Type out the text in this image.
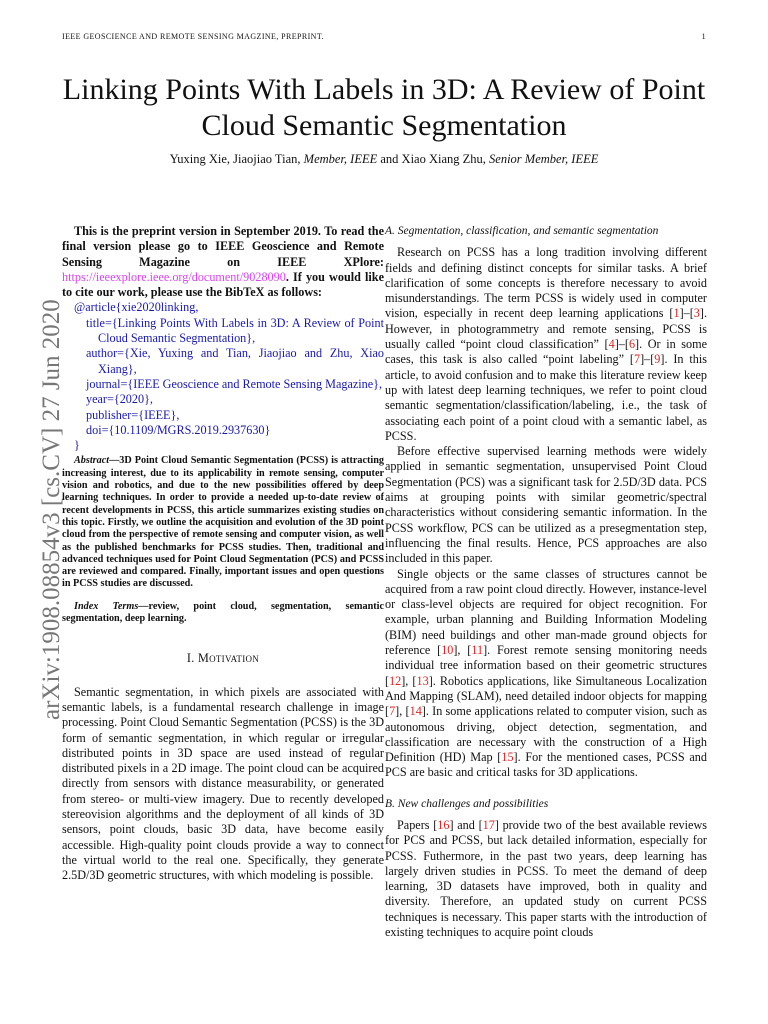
IEEE GEOSCIENCE AND REMOTE SENSING MAGZINE, PREPRINT.	1
arXiv:1908.08854v3 [cs.CV] 27 Jun 2020
Linking Points With Labels in 3D: A Review of Point Cloud Semantic Segmentation
Yuxing Xie, Jiaojiao Tian, Member, IEEE and Xiao Xiang Zhu, Senior Member, IEEE

This is the preprint version in September 2019. To read the final version please go to IEEE Geoscience and Remote Sensing Magazine on IEEE XPlore: https://ieeexplore.ieee.org/document/9028090. If you would like to cite our work, please use the BibTeX as follows:

@article{xie2020linking,
title={Linking Points With Labels in 3D: A Review of Point Cloud Semantic Segmentation},
author={Xie, Yuxing and Tian, Jiaojiao and Zhu, Xiao Xiang},
journal={IEEE Geoscience and Remote Sensing Magazine},
year={2020},
publisher={IEEE},
doi={10.1109/MGRS.2019.2937630}
}

Abstract—3D Point Cloud Semantic Segmentation (PCSS) is attracting increasing interest, due to its applicability in remote sensing, computer vision and robotics, and due to the new possibilities offered by deep learning techniques. In order to provide a needed up-to-date review of recent developments in PCSS, this article summarizes existing studies on this topic. Firstly, we outline the acquisition and evolution of the 3D point cloud from the perspective of remote sensing and computer vision, as well as the published benchmarks for PCSS studies. Then, traditional and advanced techniques used for Point Cloud Segmentation (PCS) and PCSS are reviewed and compared. Finally, important issues and open questions in PCSS studies are discussed.

Index Terms—review, point cloud, segmentation, semantic segmentation, deep learning.

I. Motivation

Semantic segmentation, in which pixels are associated with semantic labels, is a fundamental research challenge in image processing. Point Cloud Semantic Segmentation (PCSS) is the 3D form of semantic segmentation, in which regular or irregular distributed points in 3D space are used instead of regular distributed pixels in a 2D image. The point cloud can be acquired directly from sensors with distance measurability, or generated from stereo- or multi-view imagery. Due to recently developed stereovision algorithms and the deployment of all kinds of 3D sensors, point clouds, basic 3D data, have become easily accessible. High-quality point clouds provide a way to connect the virtual world to the real one. Specifically, they generate 2.5D/3D geometric structures, with which modeling is possible.

A. Segmentation, classification, and semantic segmentation

Research on PCSS has a long tradition involving different fields and defining distinct concepts for similar tasks. A brief clarification of some concepts is therefore necessary to avoid misunderstandings. The term PCSS is widely used in computer vision, especially in recent deep learning applications [1]–[3]. However, in photogrammetry and remote sensing, PCSS is usually called “point cloud classification” [4]–[6]. Or in some cases, this task is also called “point labeling” [7]–[9]. In this article, to avoid confusion and to make this literature review keep up with latest deep learning techniques, we refer to point cloud semantic segmentation/classification/labeling, i.e., the task of associating each point of a point cloud with a semantic label, as PCSS.

Before effective supervised learning methods were widely applied in semantic segmentation, unsupervised Point Cloud Segmentation (PCS) was a significant task for 2.5D/3D data. PCS aims at grouping points with similar geometric/spectral characteristics without considering semantic information. In the PCSS workflow, PCS can be utilized as a presegmentation step, influencing the final results. Hence, PCS approaches are also included in this paper.

Single objects or the same classes of structures cannot be acquired from a raw point cloud directly. However, instance-level or class-level objects are required for object recognition. For example, urban planning and Building Information Modeling (BIM) need buildings and other man-made ground objects for reference [10], [11]. Forest remote sensing monitoring needs individual tree information based on their geometric structures [12], [13]. Robotics applications, like Simultaneous Localization And Mapping (SLAM), need detailed indoor objects for mapping [7], [14]. In some applications related to computer vision, such as autonomous driving, object detection, segmentation, and classification are necessary with the construction of a High Definition (HD) Map [15]. For the mentioned cases, PCSS and PCS are basic and critical tasks for 3D applications.

B. New challenges and possibilities

Papers [16] and [17] provide two of the best available reviews for PCS and PCSS, but lack detailed information, especially for PCSS. Futhermore, in the past two years, deep learning has largely driven studies in PCSS. To meet the demand of deep learning, 3D datasets have improved, both in quality and diversity. Therefore, an updated study on current PCSS techniques is necessary. This paper starts with the introduction of existing techniques to acquire point clouds
